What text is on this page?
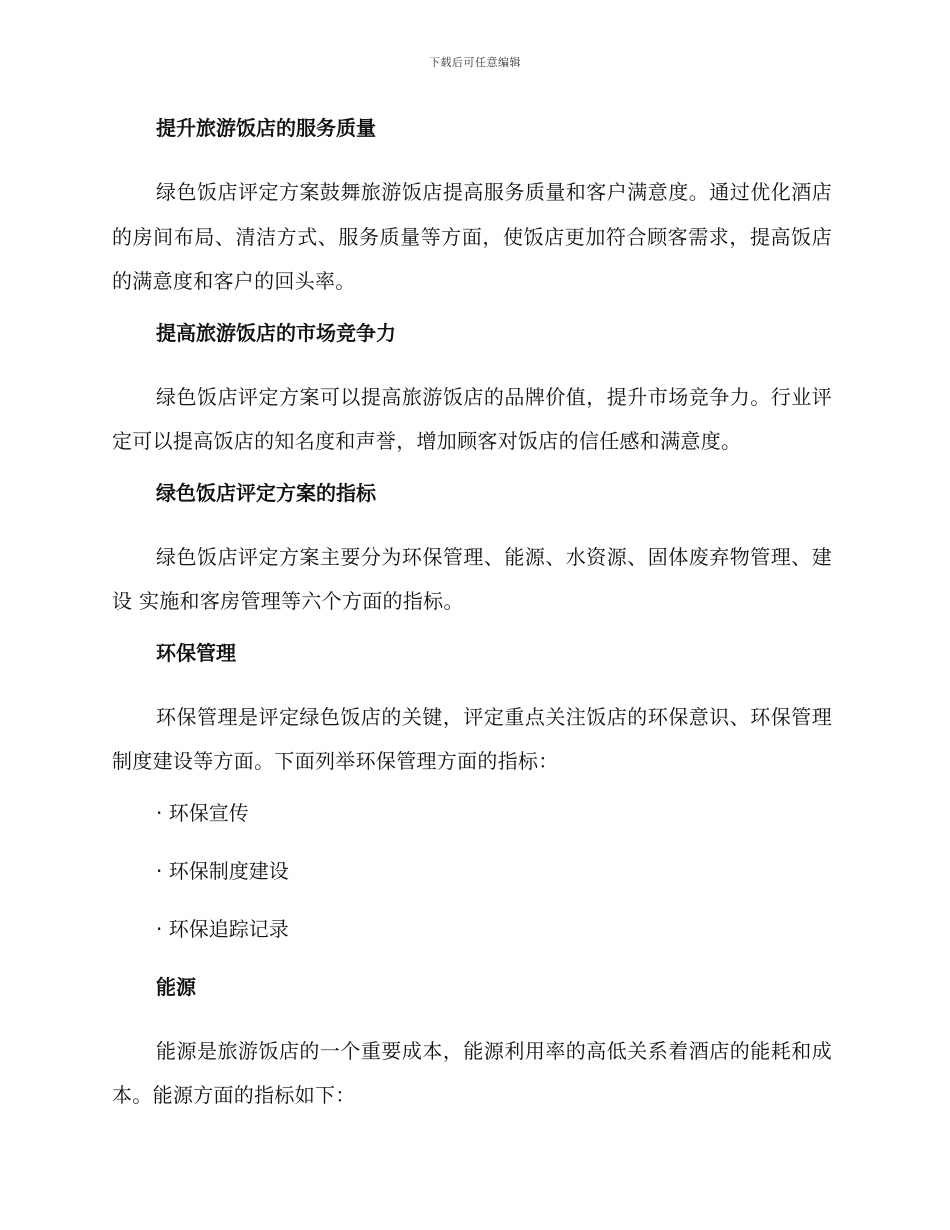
下载后可任意编辑
提升旅游饭店的服务质量
绿色饭店评定方案鼓舞旅游饭店提高服务质量和客户满意度。通过优化酒店的房间布局、清洁方式、服务质量等方面，使饭店更加符合顾客需求，提高饭店的满意度和客户的回头率。
提高旅游饭店的市场竞争力
绿色饭店评定方案可以提高旅游饭店的品牌价值，提升市场竞争力。行业评定可以提高饭店的知名度和声誉，增加顾客对饭店的信任感和满意度。
绿色饭店评定方案的指标
绿色饭店评定方案主要分为环保管理、能源、水资源、固体废弃物管理、建设 实施和客房管理等六个方面的指标。
环保管理
环保管理是评定绿色饭店的关键，评定重点关注饭店的环保意识、环保管理制度建设等方面。下面列举环保管理方面的指标：
· 环保宣传
· 环保制度建设
· 环保追踪记录
能源
能源是旅游饭店的一个重要成本，能源利用率的高低关系着酒店的能耗和成本。能源方面的指标如下：
